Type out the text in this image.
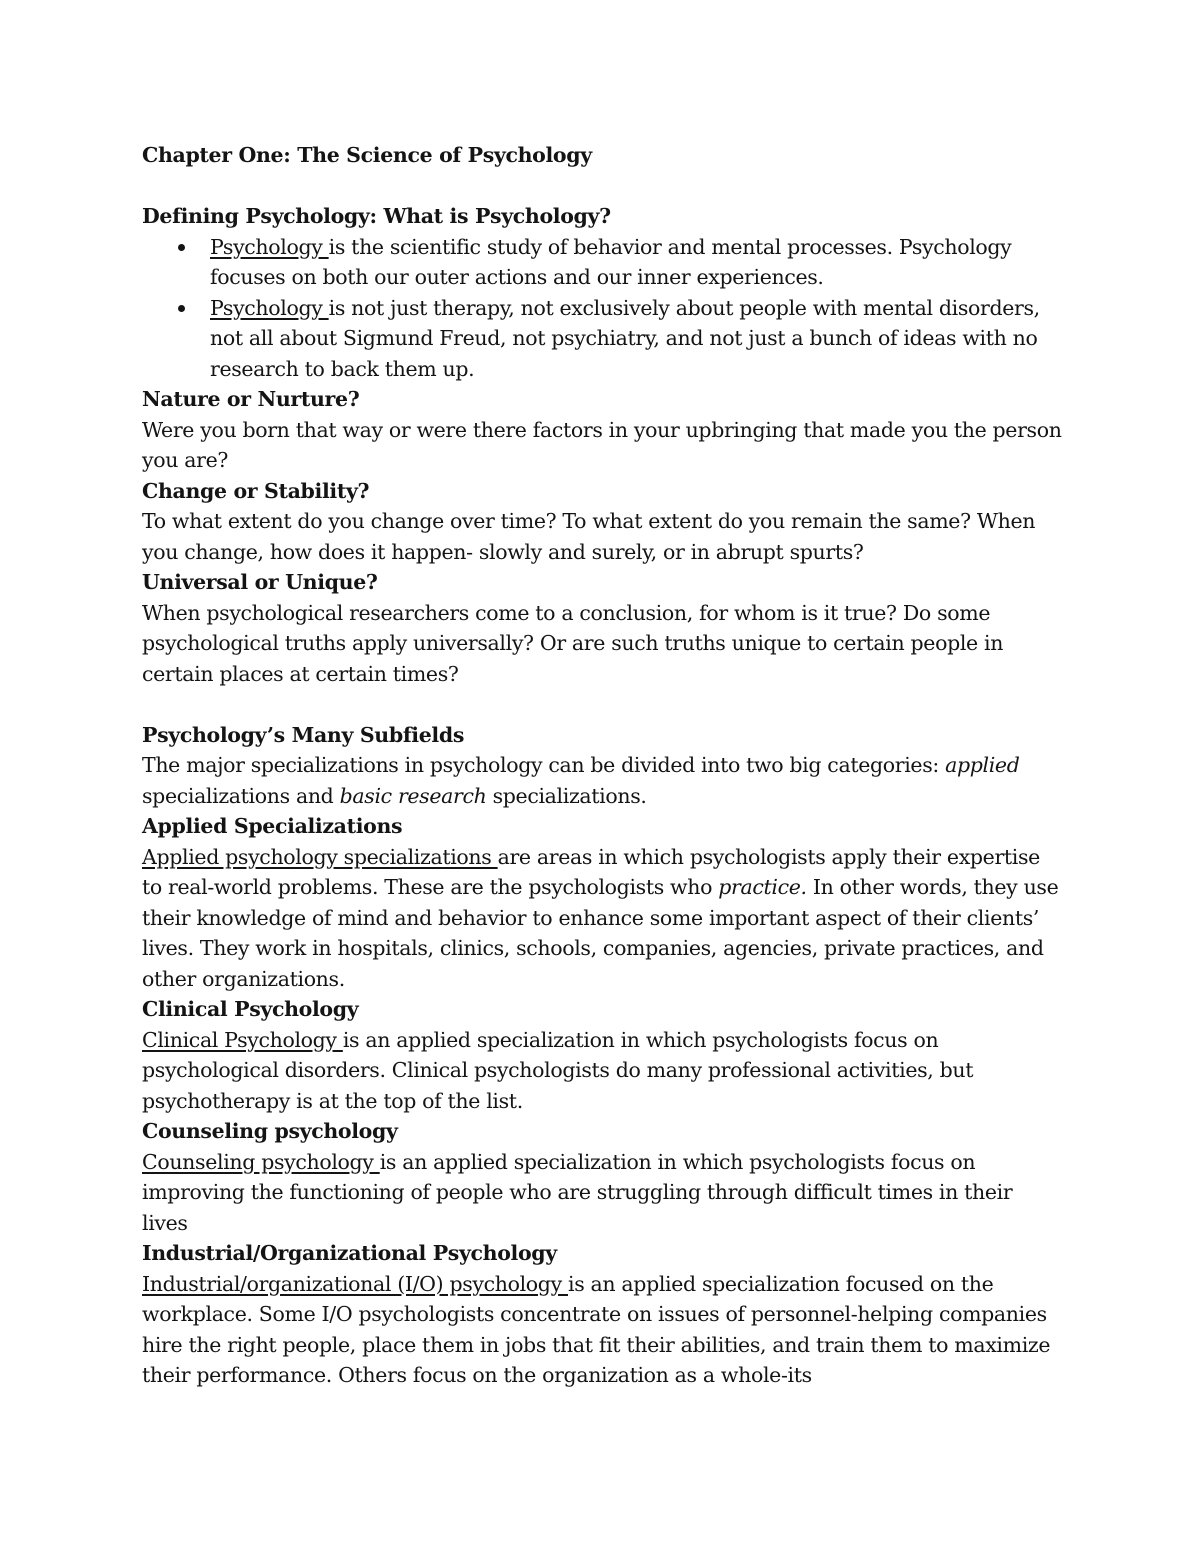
Chapter One: The Science of Psychology

Defining Psychology: What is Psychology?

Psychology is the scientific study of behavior and mental processes. Psychology focuses on both our outer actions and our inner experiences.
Psychology is not just therapy, not exclusively about people with mental disorders, not all about Sigmund Freud, not psychiatry, and not just a bunch of ideas with no research to back them up.

Nature or Nurture?

Were you born that way or were there factors in your upbringing that made you the person you are?

Change or Stability?

To what extent do you change over time? To what extent do you remain the same? When you change, how does it happen- slowly and surely, or in abrupt spurts?

Universal or Unique?

When psychological researchers come to a conclusion, for whom is it true? Do some psychological truths apply universally? Or are such truths unique to certain people in certain places at certain times?

Psychology’s Many Subfields

The major specializations in psychology can be divided into two big categories: applied specializations and basic research specializations.

Applied Specializations

Applied psychology specializations are areas in which psychologists apply their expertise to real-world problems. These are the psychologists who practice. In other words, they use their knowledge of mind and behavior to enhance some important aspect of their clients’ lives. They work in hospitals, clinics, schools, companies, agencies, private practices, and other organizations.

Clinical Psychology

Clinical Psychology is an applied specialization in which psychologists focus on psychological disorders. Clinical psychologists do many professional activities, but psychotherapy is at the top of the list.

Counseling psychology

Counseling psychology is an applied specialization in which psychologists focus on improving the functioning of people who are struggling through difficult times in their lives

Industrial/Organizational Psychology

Industrial/organizational (I/O) psychology is an applied specialization focused on the workplace. Some I/O psychologists concentrate on issues of personnel-helping companies hire the right people, place them in jobs that fit their abilities, and train them to maximize their performance. Others focus on the organization as a whole-its
